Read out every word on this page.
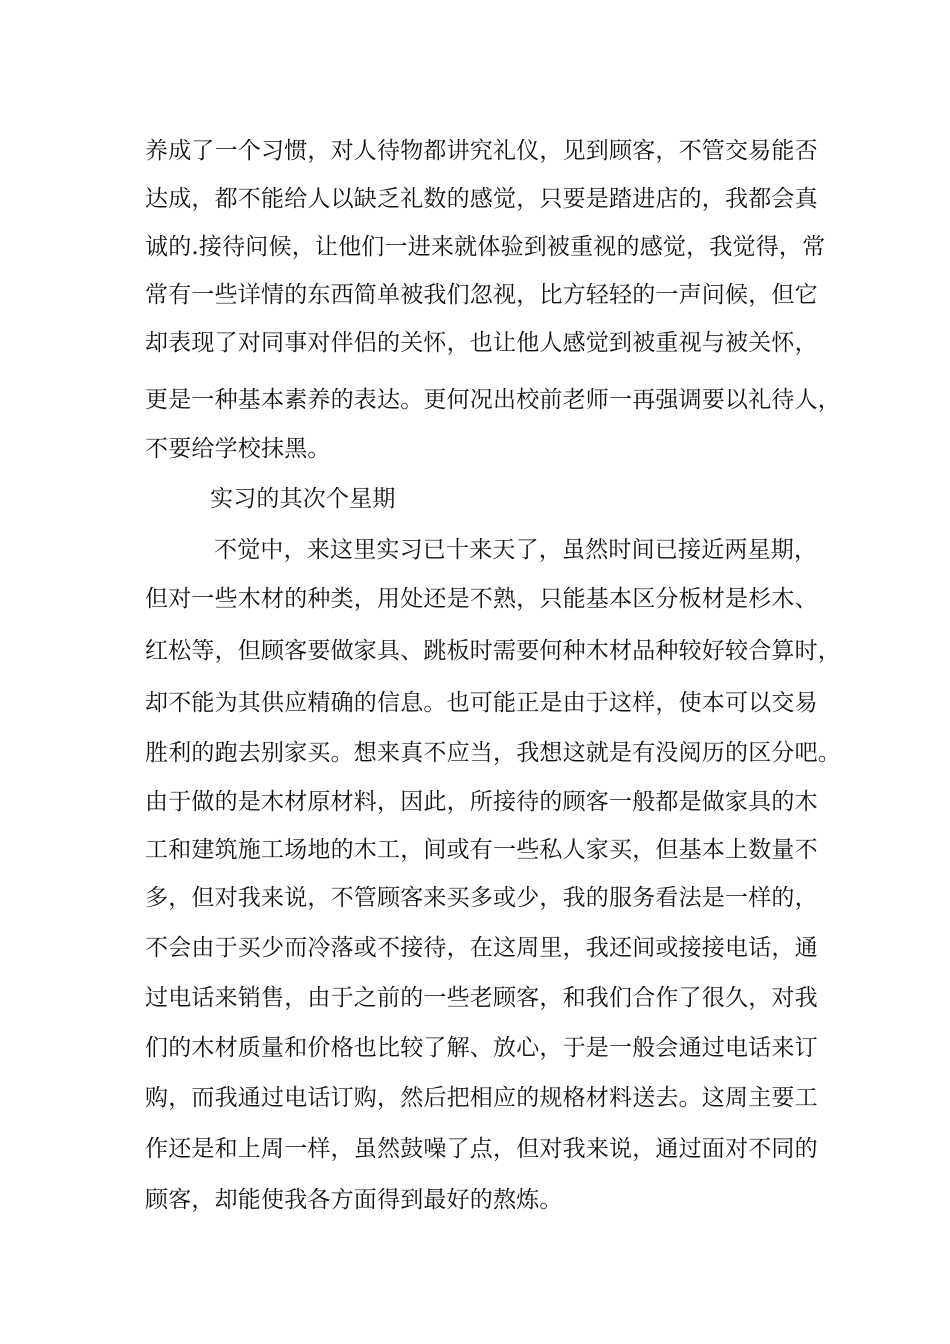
养成了一个习惯，对人待物都讲究礼仪，见到顾客，不管交易能否
达成，都不能给人以缺乏礼数的感觉，只要是踏进店的，我都会真
诚的.接待问候，让他们一进来就体验到被重视的感觉，我觉得，常
常有一些详情的东西简单被我们忽视，比方轻轻的一声问候，但它
却表现了对同事对伴侣的关怀，也让他人感觉到被重视与被关怀，
更是一种基本素养的表达。更何况出校前老师一再强调要以礼待人，
不要给学校抹黑。
实习的其次个星期
不觉中，来这里实习已十来天了，虽然时间已接近两星期，
但对一些木材的种类，用处还是不熟，只能基本区分板材是杉木、
红松等，但顾客要做家具、跳板时需要何种木材品种较好较合算时，
却不能为其供应精确的信息。也可能正是由于这样，使本可以交易
胜利的跑去别家买。想来真不应当，我想这就是有没阅历的区分吧。
由于做的是木材原材料，因此，所接待的顾客一般都是做家具的木
工和建筑施工场地的木工，间或有一些私人家买，但基本上数量不
多，但对我来说，不管顾客来买多或少，我的服务看法是一样的，
不会由于买少而冷落或不接待，在这周里，我还间或接接电话，通
过电话来销售，由于之前的一些老顾客，和我们合作了很久，对我
们的木材质量和价格也比较了解、放心，于是一般会通过电话来订
购，而我通过电话订购，然后把相应的规格材料送去。这周主要工
作还是和上周一样，虽然鼓噪了点，但对我来说，通过面对不同的
顾客，却能使我各方面得到最好的熬炼。
